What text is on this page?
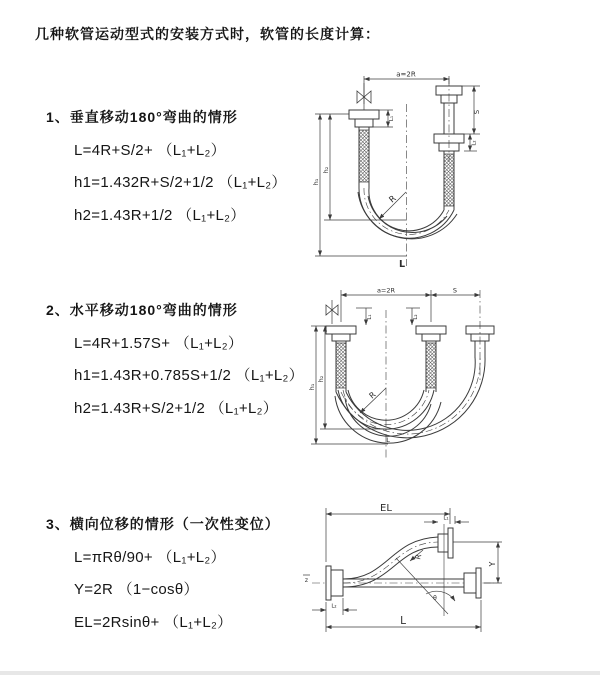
几种软管运动型式的安装方式时，软管的长度计算：
1、垂直移动180°弯曲的情形
L=4R+S/2+ （L₁+L₂）
h1=1.432R+S/2+1/2 （L₁+L₂）
h2=1.43R+1/2 （L₁+L₂）
2、水平移动180°弯曲的情形
L=4R+1.57S+ （L₁+L₂）
h1=1.43R+0.785S+1/2 （L₁+L₂）
h2=1.43R+S/2+1/2 （L₁+L₂）
3、横向位移的情形（一次性变位）
L=πRθ/90+ （L₁+L₂）
Y=2R （1−cosθ）
EL=2Rsinθ+ （L₁+L₂）
a=2R
S
L₂
L₁
h₁
h₂
R
L
a=2R	S
L₁	L₂
h₁
h₂
R
L
EL
L₁
Y
R
θ
L
L₂
z
